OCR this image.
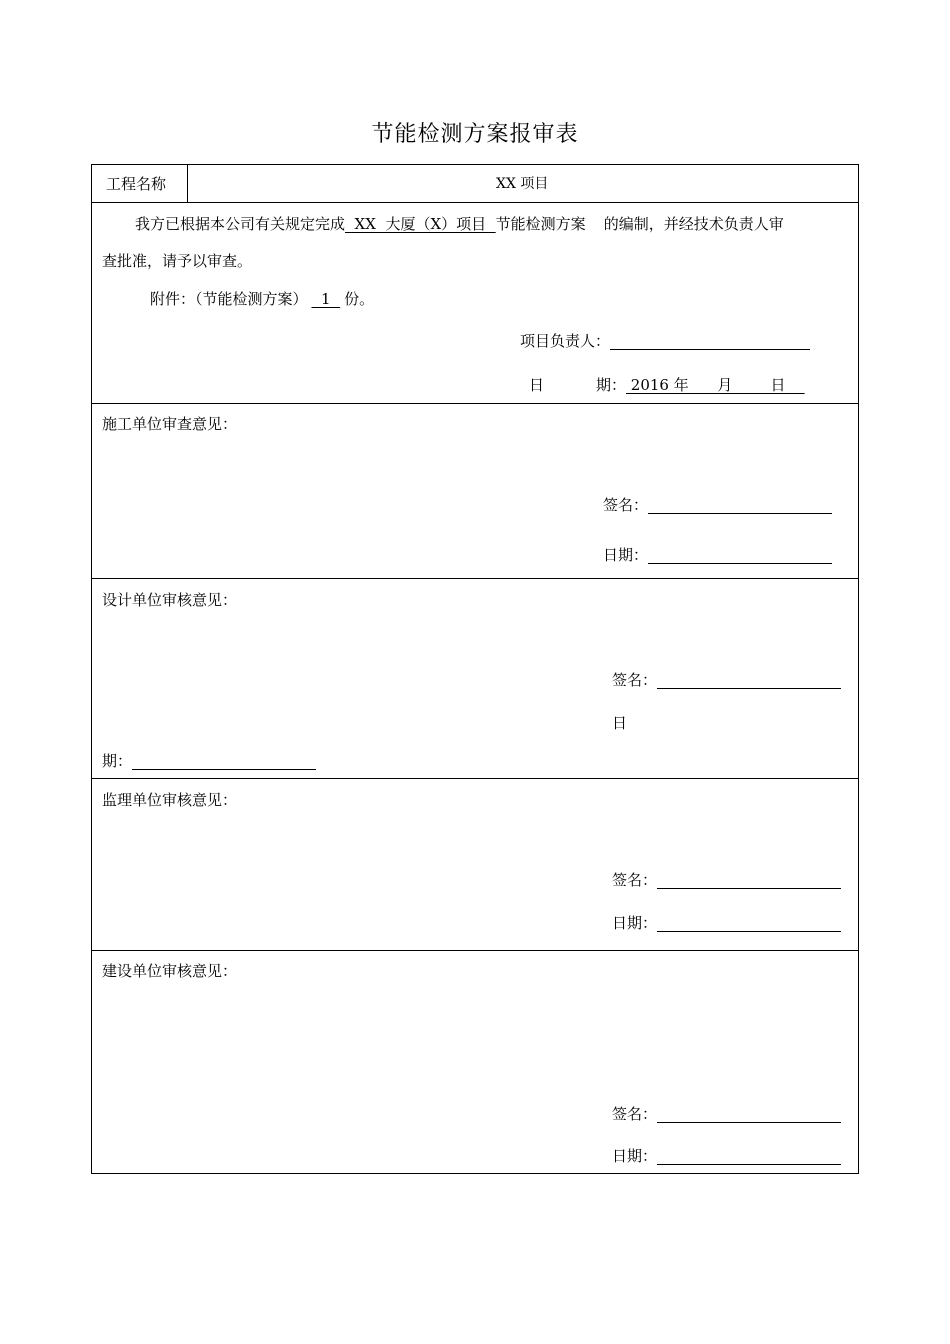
节能检测方案报审表
工程名称	XX 项目
我方已根据本公司有关规定完成  XX  大厦（X）项目  节能检测方案 的编制，并经技术负责人审
查批准，请予以审查。
附件：（节能检测方案）  1  份。
项目负责人：
日	期： 2016 年      月        日
施工单位审查意见：
签名：
日期：
设计单位审核意见：
签名：
日
期：
监理单位审核意见：
签名：
日期：
建设单位审核意见：
签名：
日期：
